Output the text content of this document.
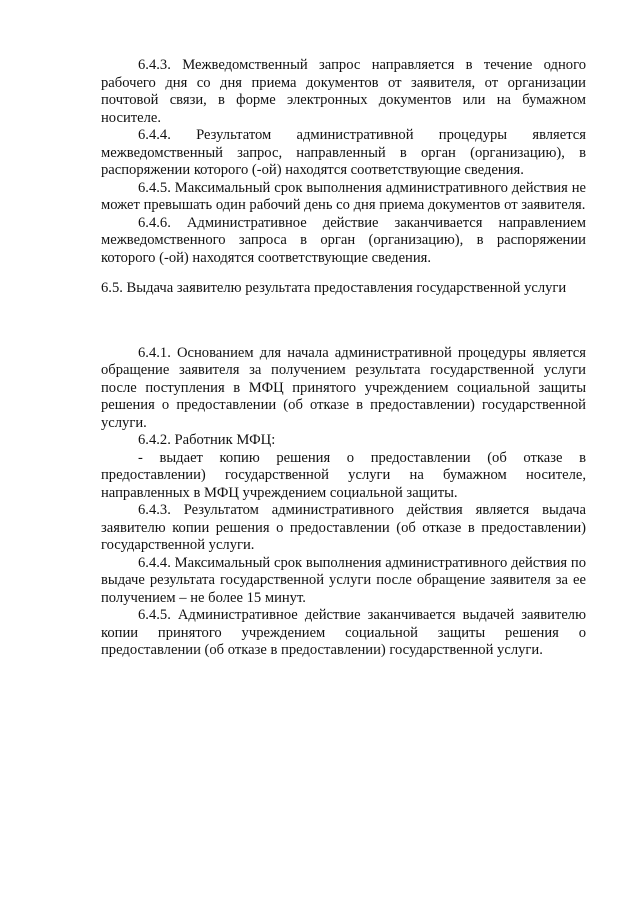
6.4.3. Межведомственный запрос направляется в течение одного рабочего дня со дня приема документов от заявителя, от организации почтовой связи, в форме электронных документов или на бумажном носителе.

6.4.4. Результатом административной процедуры является межведомственный запрос, направленный в орган (организацию), в распоряжении которого (-ой) находятся соответствующие сведения.

6.4.5. Максимальный срок выполнения административного действия не может превышать один рабочий день со дня приема документов от заявителя.

6.4.6. Административное действие заканчивается направлением межведомственного запроса в орган (организацию), в распоряжении которого (-ой) находятся соответствующие сведения.

6.5. Выдача заявителю результата предоставления государственной услуги

6.4.1. Основанием для начала административной процедуры является обращение заявителя за получением результата государственной услуги после поступления в МФЦ принятого учреждением социальной защиты решения о предоставлении (об отказе в предоставлении) государственной услуги.

6.4.2. Работник МФЦ:

- выдает копию решения о предоставлении (об отказе в предоставлении) государственной услуги на бумажном носителе, направленных в МФЦ учреждением социальной защиты.

6.4.3. Результатом административного действия является выдача заявителю копии решения о предоставлении (об отказе в предоставлении) государственной услуги.

6.4.4. Максимальный срок выполнения административного действия по выдаче результата государственной услуги после обращение заявителя за ее получением – не более 15 минут.

6.4.5. Административное действие заканчивается выдачей заявителю копии принятого учреждением социальной защиты решения о предоставлении (об отказе в предоставлении) государственной услуги.
